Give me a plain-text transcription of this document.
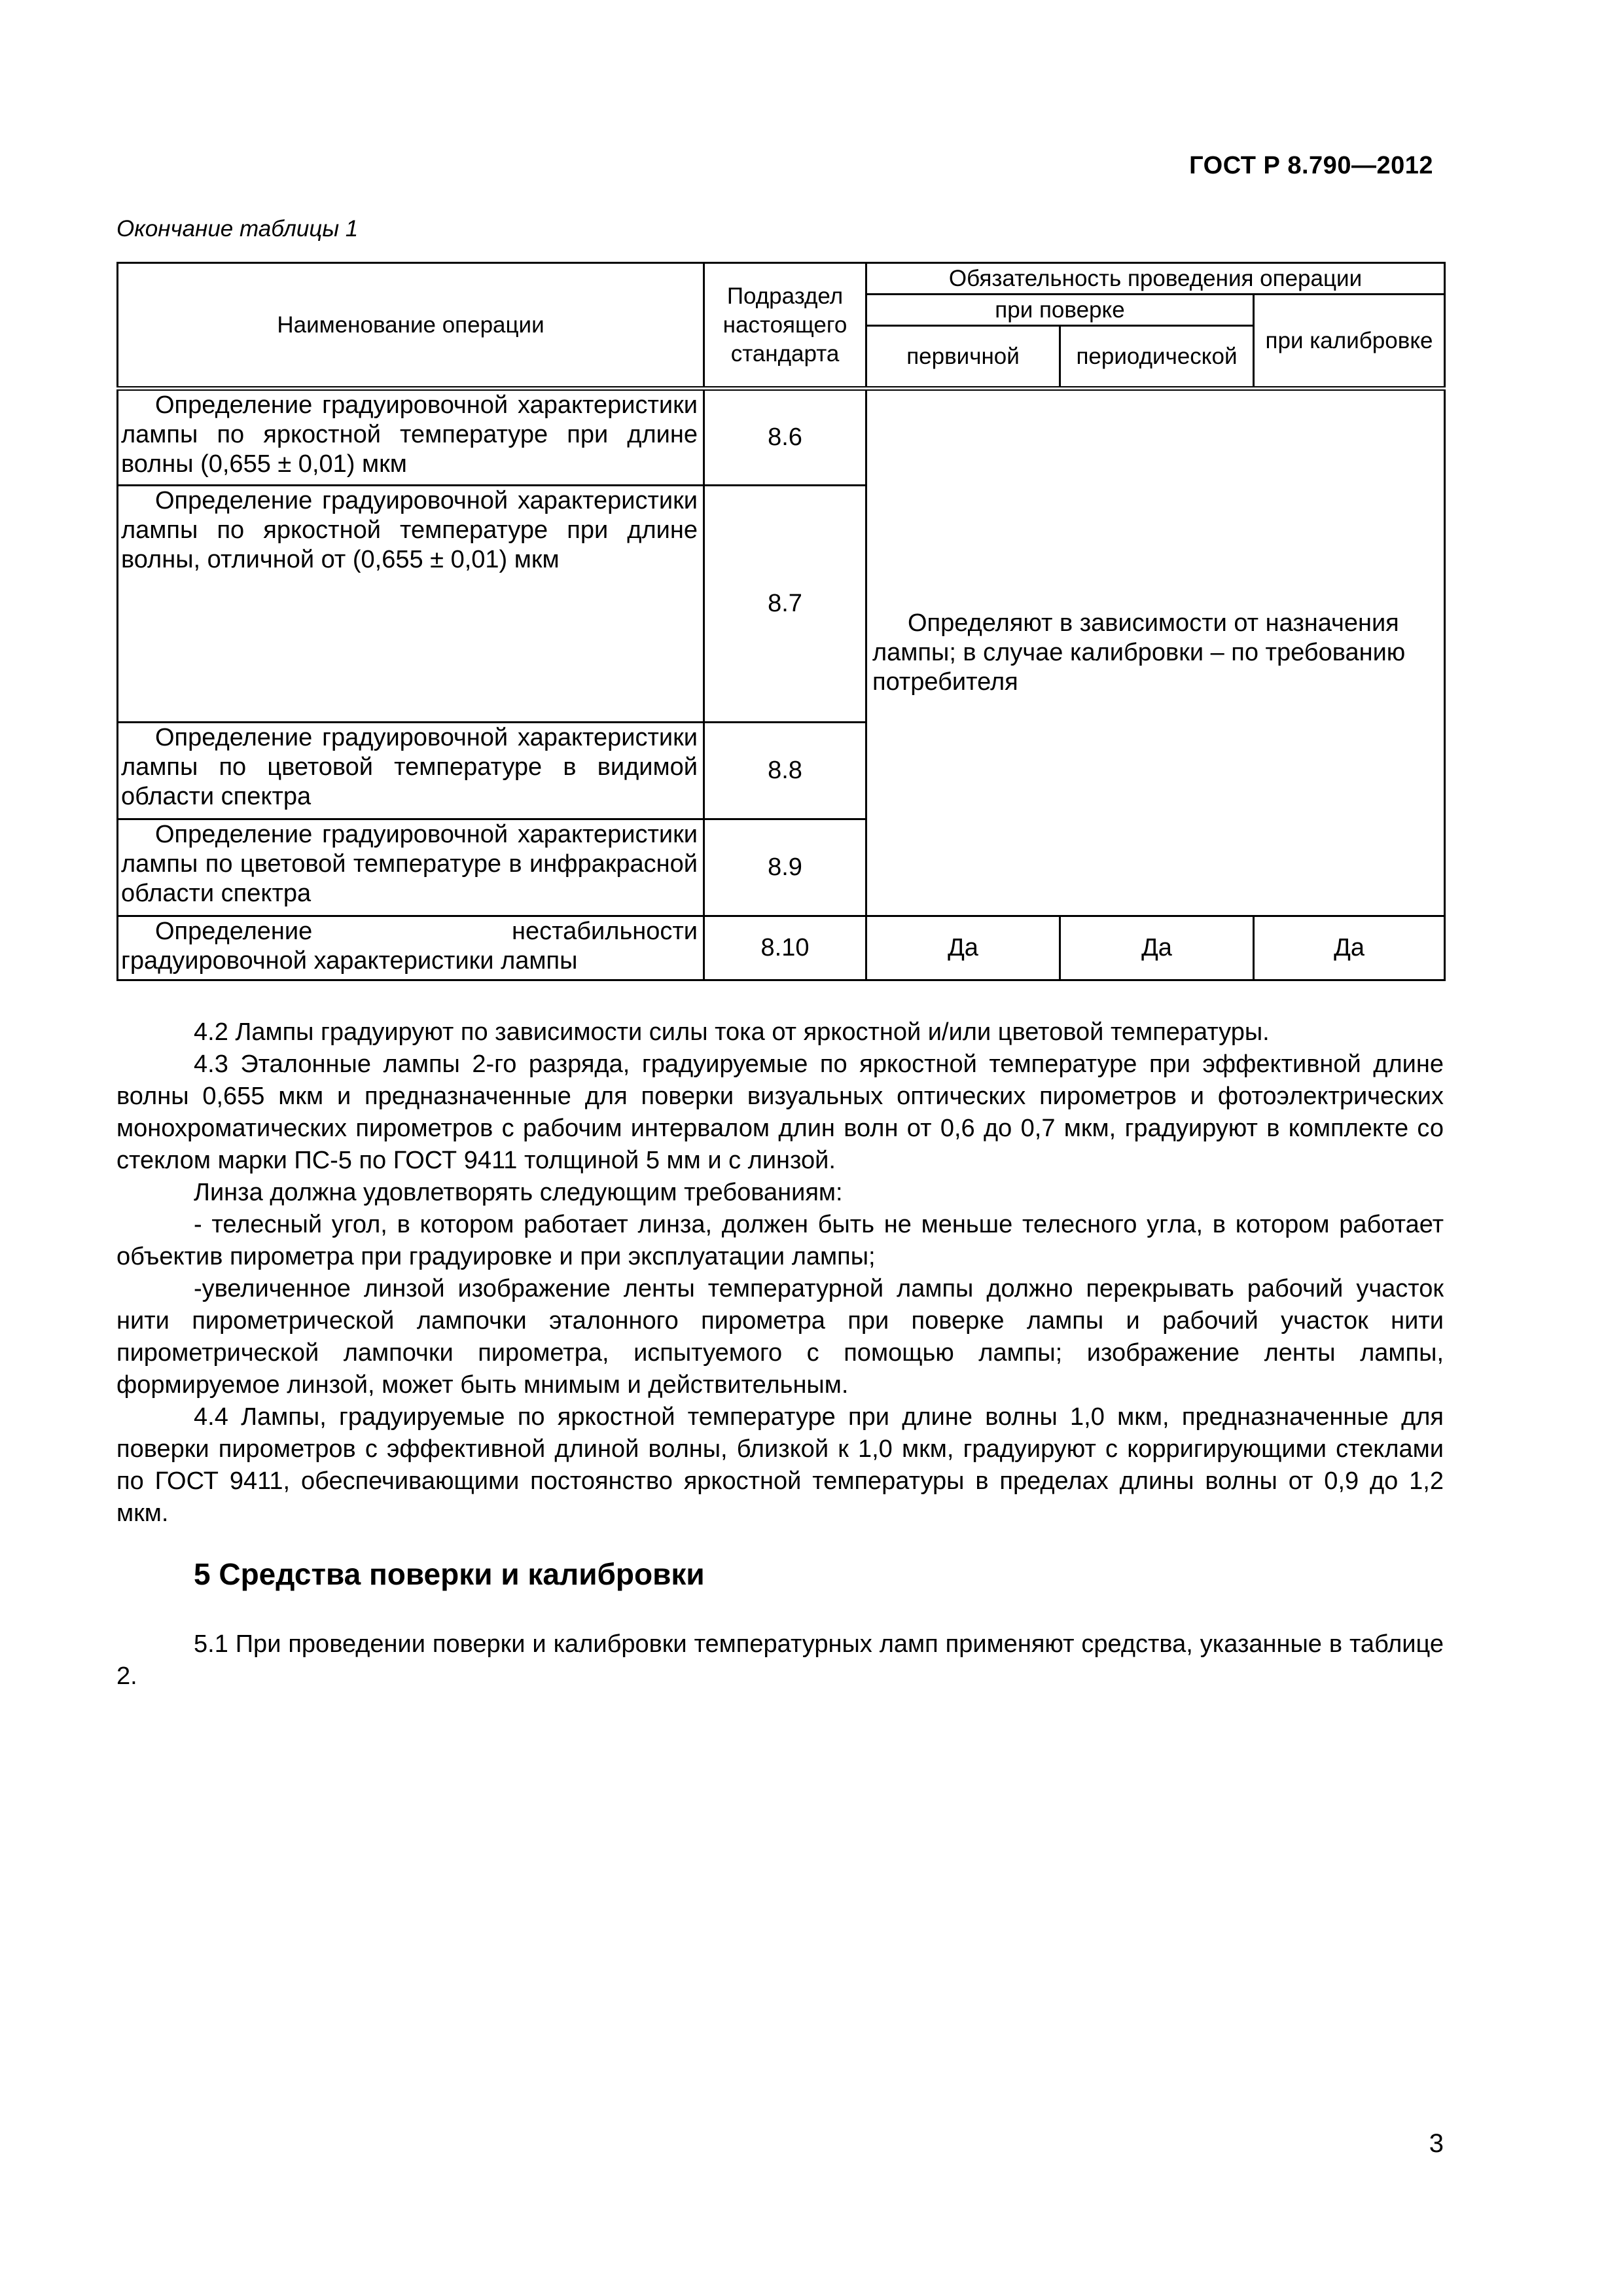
ГОСТ Р 8.790—2012
Окончание таблицы 1
Наименование операции	Подраздел настоящего стандарта	Обязательность проведения операции		
		при поверке		при калибровке
		первичной	периодической	
Определение градуировочной характеристики лампы по яркостной температуре при длине волны (0,655 ± 0,01) мкм	8.6	Определяют в зависимости от назначения лампы; в случае калибровки – по требованию потребителя		
Определение градуировочной характеристики лампы по яркостной температуре при длине волны, отличной от (0,655 ± 0,01) мкм	8.7			
Определение градуировочной характеристики лампы по цветовой температуре в видимой области спектра	8.8			
Определение градуировочной характеристики лампы по цветовой температуре в инфракрасной области спектра	8.9			
Определение нестабильности градуировочной характеристики лампы	8.10	Да	Да	Да

4.2 Лампы градуируют по зависимости силы тока от яркостной и/или цветовой температуры.

4.3 Эталонные лампы 2-го разряда, градуируемые по яркостной температуре при эффективной длине волны 0,655 мкм и предназначенные для поверки визуальных оптических пирометров и фотоэлектрических монохроматических пирометров с рабочим интервалом длин волн от 0,6 до 0,7 мкм, градуируют в комплекте со стеклом марки ПС-5 по ГОСТ 9411 толщиной 5 мм и с линзой.

Линза должна удовлетворять следующим требованиям:

- телесный угол, в котором работает линза, должен быть не меньше телесного угла, в котором работает объектив пирометра при градуировке и при эксплуатации лампы;

-увеличенное линзой изображение ленты температурной лампы должно перекрывать рабочий участок нити пирометрической лампочки эталонного пирометра при поверке лампы и рабочий участок нити пирометрической лампочки пирометра, испытуемого с помощью лампы; изображение ленты лампы, формируемое линзой, может быть мнимым и действительным.

4.4 Лампы, градуируемые по яркостной температуре при длине волны 1,0 мкм, предназначенные для поверки пирометров с эффективной длиной волны, близкой к 1,0 мкм, градуируют с корригирующими стеклами по ГОСТ 9411, обеспечивающими постоянство яркостной температуры в пределах длины волны от 0,9 до 1,2 мкм.

5 Средства поверки и калибровки

5.1 При проведении поверки и калибровки температурных ламп применяют средства, указанные в таблице 2.

3
